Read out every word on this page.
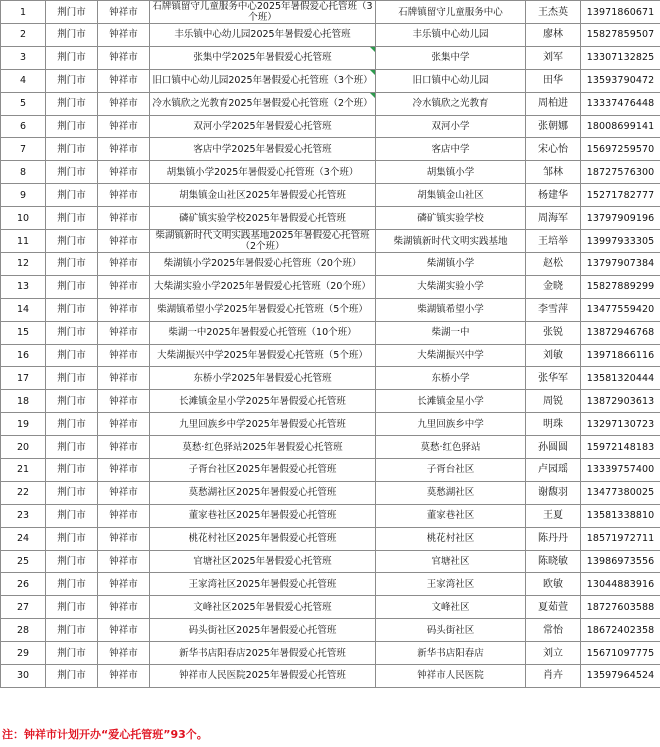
1	荆门市	钟祥市	石牌镇留守儿童服务中心2025年暑假爱心托管班（3个班）	石牌镇留守儿童服务中心	王杰英	13971860671
2	荆门市	钟祥市	丰乐镇中心幼儿园2025年暑假爱心托管班	丰乐镇中心幼儿园	廖林	15827859507
3	荆门市	钟祥市	张集中学2025年暑假爱心托管班	张集中学	刘军	13307132825
4	荆门市	钟祥市	旧口镇中心幼儿园2025年暑假爱心托管班（3个班）	旧口镇中心幼儿园	田华	13593790472
5	荆门市	钟祥市	冷水镇欣之光教育2025年暑假爱心托管班（2个班）	冷水镇欣之光教育	周柏进	13337476448
6	荆门市	钟祥市	双河小学2025年暑假爱心托管班	双河小学	张朝娜	18008699141
7	荆门市	钟祥市	客店中学2025年暑假爱心托管班	客店中学	宋心怡	15697259570
8	荆门市	钟祥市	胡集镇小学2025年暑假爱心托管班（3个班）	胡集镇小学	邹林	18727576300
9	荆门市	钟祥市	胡集镇金山社区2025年暑假爱心托管班	胡集镇金山社区	杨建华	15271782777
10	荆门市	钟祥市	磷矿镇实验学校2025年暑假爱心托管班	磷矿镇实验学校	周海军	13797909196
11	荆门市	钟祥市	柴湖镇新时代文明实践基地2025年暑假爱心托管班（2个班）	柴湖镇新时代文明实践基地	王培举	13997933305
12	荆门市	钟祥市	柴湖镇小学2025年暑假爱心托管班（20个班）	柴湖镇小学	赵松	13797907384
13	荆门市	钟祥市	大柴湖实验小学2025年暑假爱心托管班（20个班）	大柴湖实验小学	金晓	15827889299
14	荆门市	钟祥市	柴湖镇希望小学2025年暑假爱心托管班（5个班）	柴湖镇希望小学	李雪萍	13477559420
15	荆门市	钟祥市	柴湖一中2025年暑假爱心托管班（10个班）	柴湖一中	张锐	13872946768
16	荆门市	钟祥市	大柴湖振兴中学2025年暑假爱心托管班（5个班）	大柴湖振兴中学	刘敏	13971866116
17	荆门市	钟祥市	东桥小学2025年暑假爱心托管班	东桥小学	张华军	13581320444
18	荆门市	钟祥市	长滩镇金星小学2025年暑假爱心托管班	长滩镇金星小学	周锐	13872903613
19	荆门市	钟祥市	九里回族乡中学2025年暑假爱心托管班	九里回族乡中学	明珠	13297130723
20	荆门市	钟祥市	莫愁·红色驿站2025年暑假爱心托管班	莫愁·红色驿站	孙圆圆	15972148183
21	荆门市	钟祥市	子胥台社区2025年暑假爱心托管班	子胥台社区	卢园瑶	13339757400
22	荆门市	钟祥市	莫愁湖社区2025年暑假爱心托管班	莫愁湖社区	谢馥羽	13477380025
23	荆门市	钟祥市	董家巷社区2025年暑假爱心托管班	董家巷社区	王夏	13581338810
24	荆门市	钟祥市	桃花村社区2025年暑假爱心托管班	桃花村社区	陈丹丹	18571972711
25	荆门市	钟祥市	官塘社区2025年暑假爱心托管班	官塘社区	陈晓敏	13986973556
26	荆门市	钟祥市	王家湾社区2025年暑假爱心托管班	王家湾社区	欧敏	13044883916
27	荆门市	钟祥市	文峰社区2025年暑假爱心托管班	文峰社区	夏茹萱	18727603588
28	荆门市	钟祥市	码头街社区2025年暑假爱心托管班	码头街社区	常怡	18672402358
29	荆门市	钟祥市	新华书店阳春店2025年暑假爱心托管班	新华书店阳春店	刘立	15671097775
30	荆门市	钟祥市	钟祥市人民医院2025年暑假爱心托管班	钟祥市人民医院	肖卉	13597964524
注：钟祥市计划开办“爱心托管班”93个。
